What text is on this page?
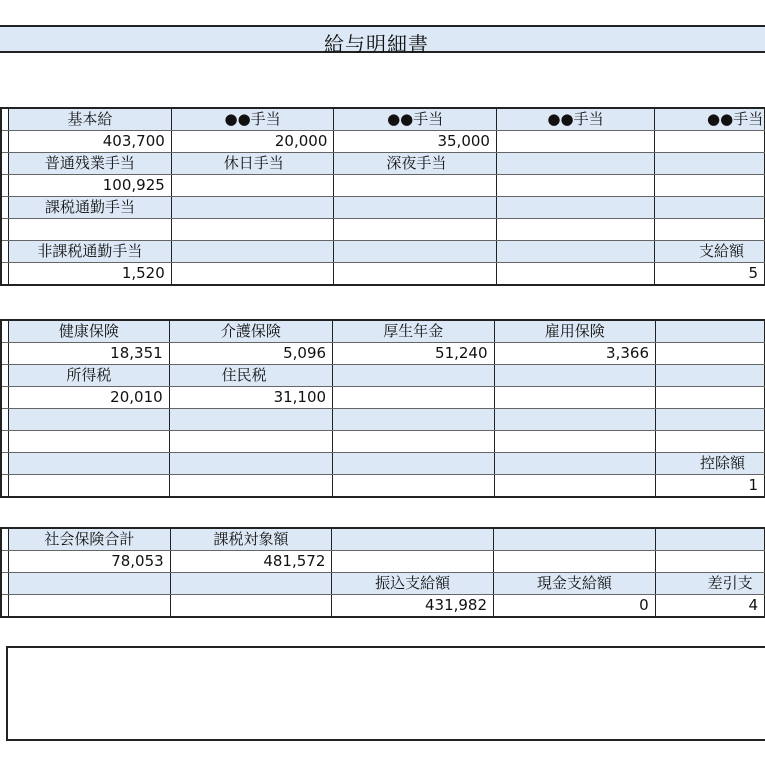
給与明細書
	基本給	●●手当	●●手当	●●手当	●●手当
	403,700	20,000	35,000		
	普通残業手当	休日手当	深夜手当		
	100,925				
	課税通勤手当				

	非課税通勤手当				支給額
	1,520				5
	健康保険	介護保険	厚生年金	雇用保険	
	18,351	5,096	51,240	3,366	
	所得税	住民税			
	20,010	31,100			

					控除額
					1
	社会保険合計	課税対象額			
	78,053	481,572			
			振込支給額	現金支給額	差引支
			431,982	0	4
